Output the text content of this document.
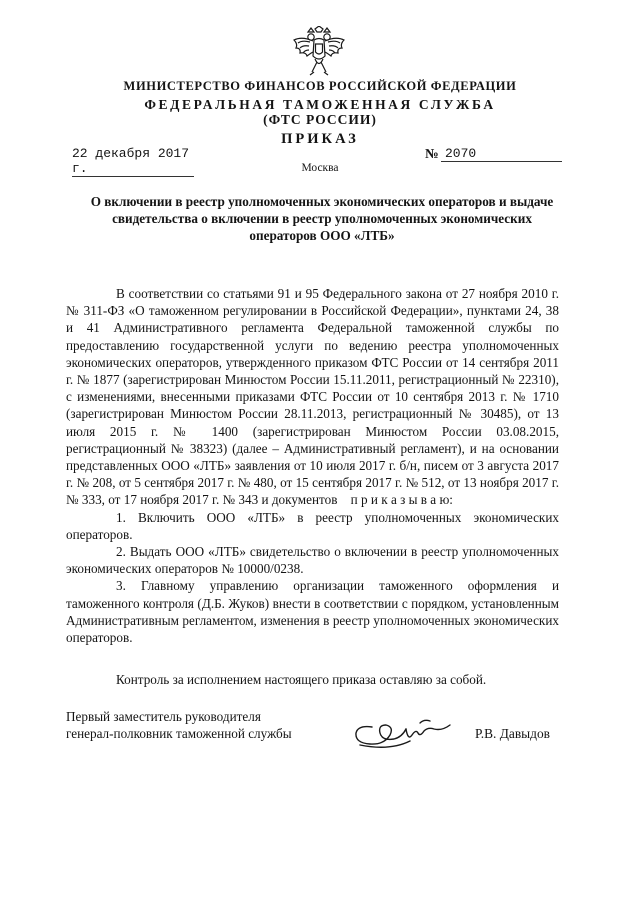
МИНИСТЕРСТВО ФИНАНСОВ РОССИЙСКОЙ ФЕДЕРАЦИИ
ФЕДЕРАЛЬНАЯ ТАМОЖЕННАЯ СЛУЖБА
(ФТС РОССИИ)
ПРИКАЗ
22 декабря 2017 г.
№ 2070
Москва
О включении в реестр уполномоченных экономических операторов и выдаче свидетельства о включении в реестр уполномоченных экономических операторов ООО «ЛТБ»

В соответствии со статьями 91 и 95 Федерального закона от 27 ноября 2010 г. № 311-ФЗ «О таможенном регулировании в Российской Федерации», пунктами 24, 38 и 41 Административного регламента Федеральной таможенной службы по предоставлению государственной услуги по ведению реестра уполномоченных экономических операторов, утвержденного приказом ФТС России от 14 сентября 2011 г. № 1877 (зарегистрирован Минюстом России 15.11.2011, регистрационный № 22310), с изменениями, внесенными приказами ФТС России от 10 сентября 2013 г. № 1710 (зарегистрирован Минюстом России 28.11.2013, регистрационный № 30485), от 13 июля 2015 г. № 1400 (зарегистрирован Минюстом России 03.08.2015, регистрационный № 38323) (далее – Административный регламент), и на основании представленных ООО «ЛТБ» заявления от 10 июля 2017 г. б/н, писем от 3 августа 2017 г. № 208, от 5 сентября 2017 г. № 480, от 15 сентября 2017 г. № 512, от 13 ноября 2017 г. № 333, от 17 ноября 2017 г. № 343 и документов п р и к а з ы в а ю:

1. Включить ООО «ЛТБ» в реестр уполномоченных экономических операторов.

2. Выдать ООО «ЛТБ» свидетельство о включении в реестр уполномоченных экономических операторов № 10000/0238.

3. Главному управлению организации таможенного оформления и таможенного контроля (Д.Б. Жуков) внести в соответствии с порядком, установленным Административным регламентом, изменения в реестр уполномоченных экономических операторов.

Контроль за исполнением настоящего приказа оставляю за собой.

Первый заместитель руководителя
генерал-полковник таможенной службы	Р.В. Давыдов
